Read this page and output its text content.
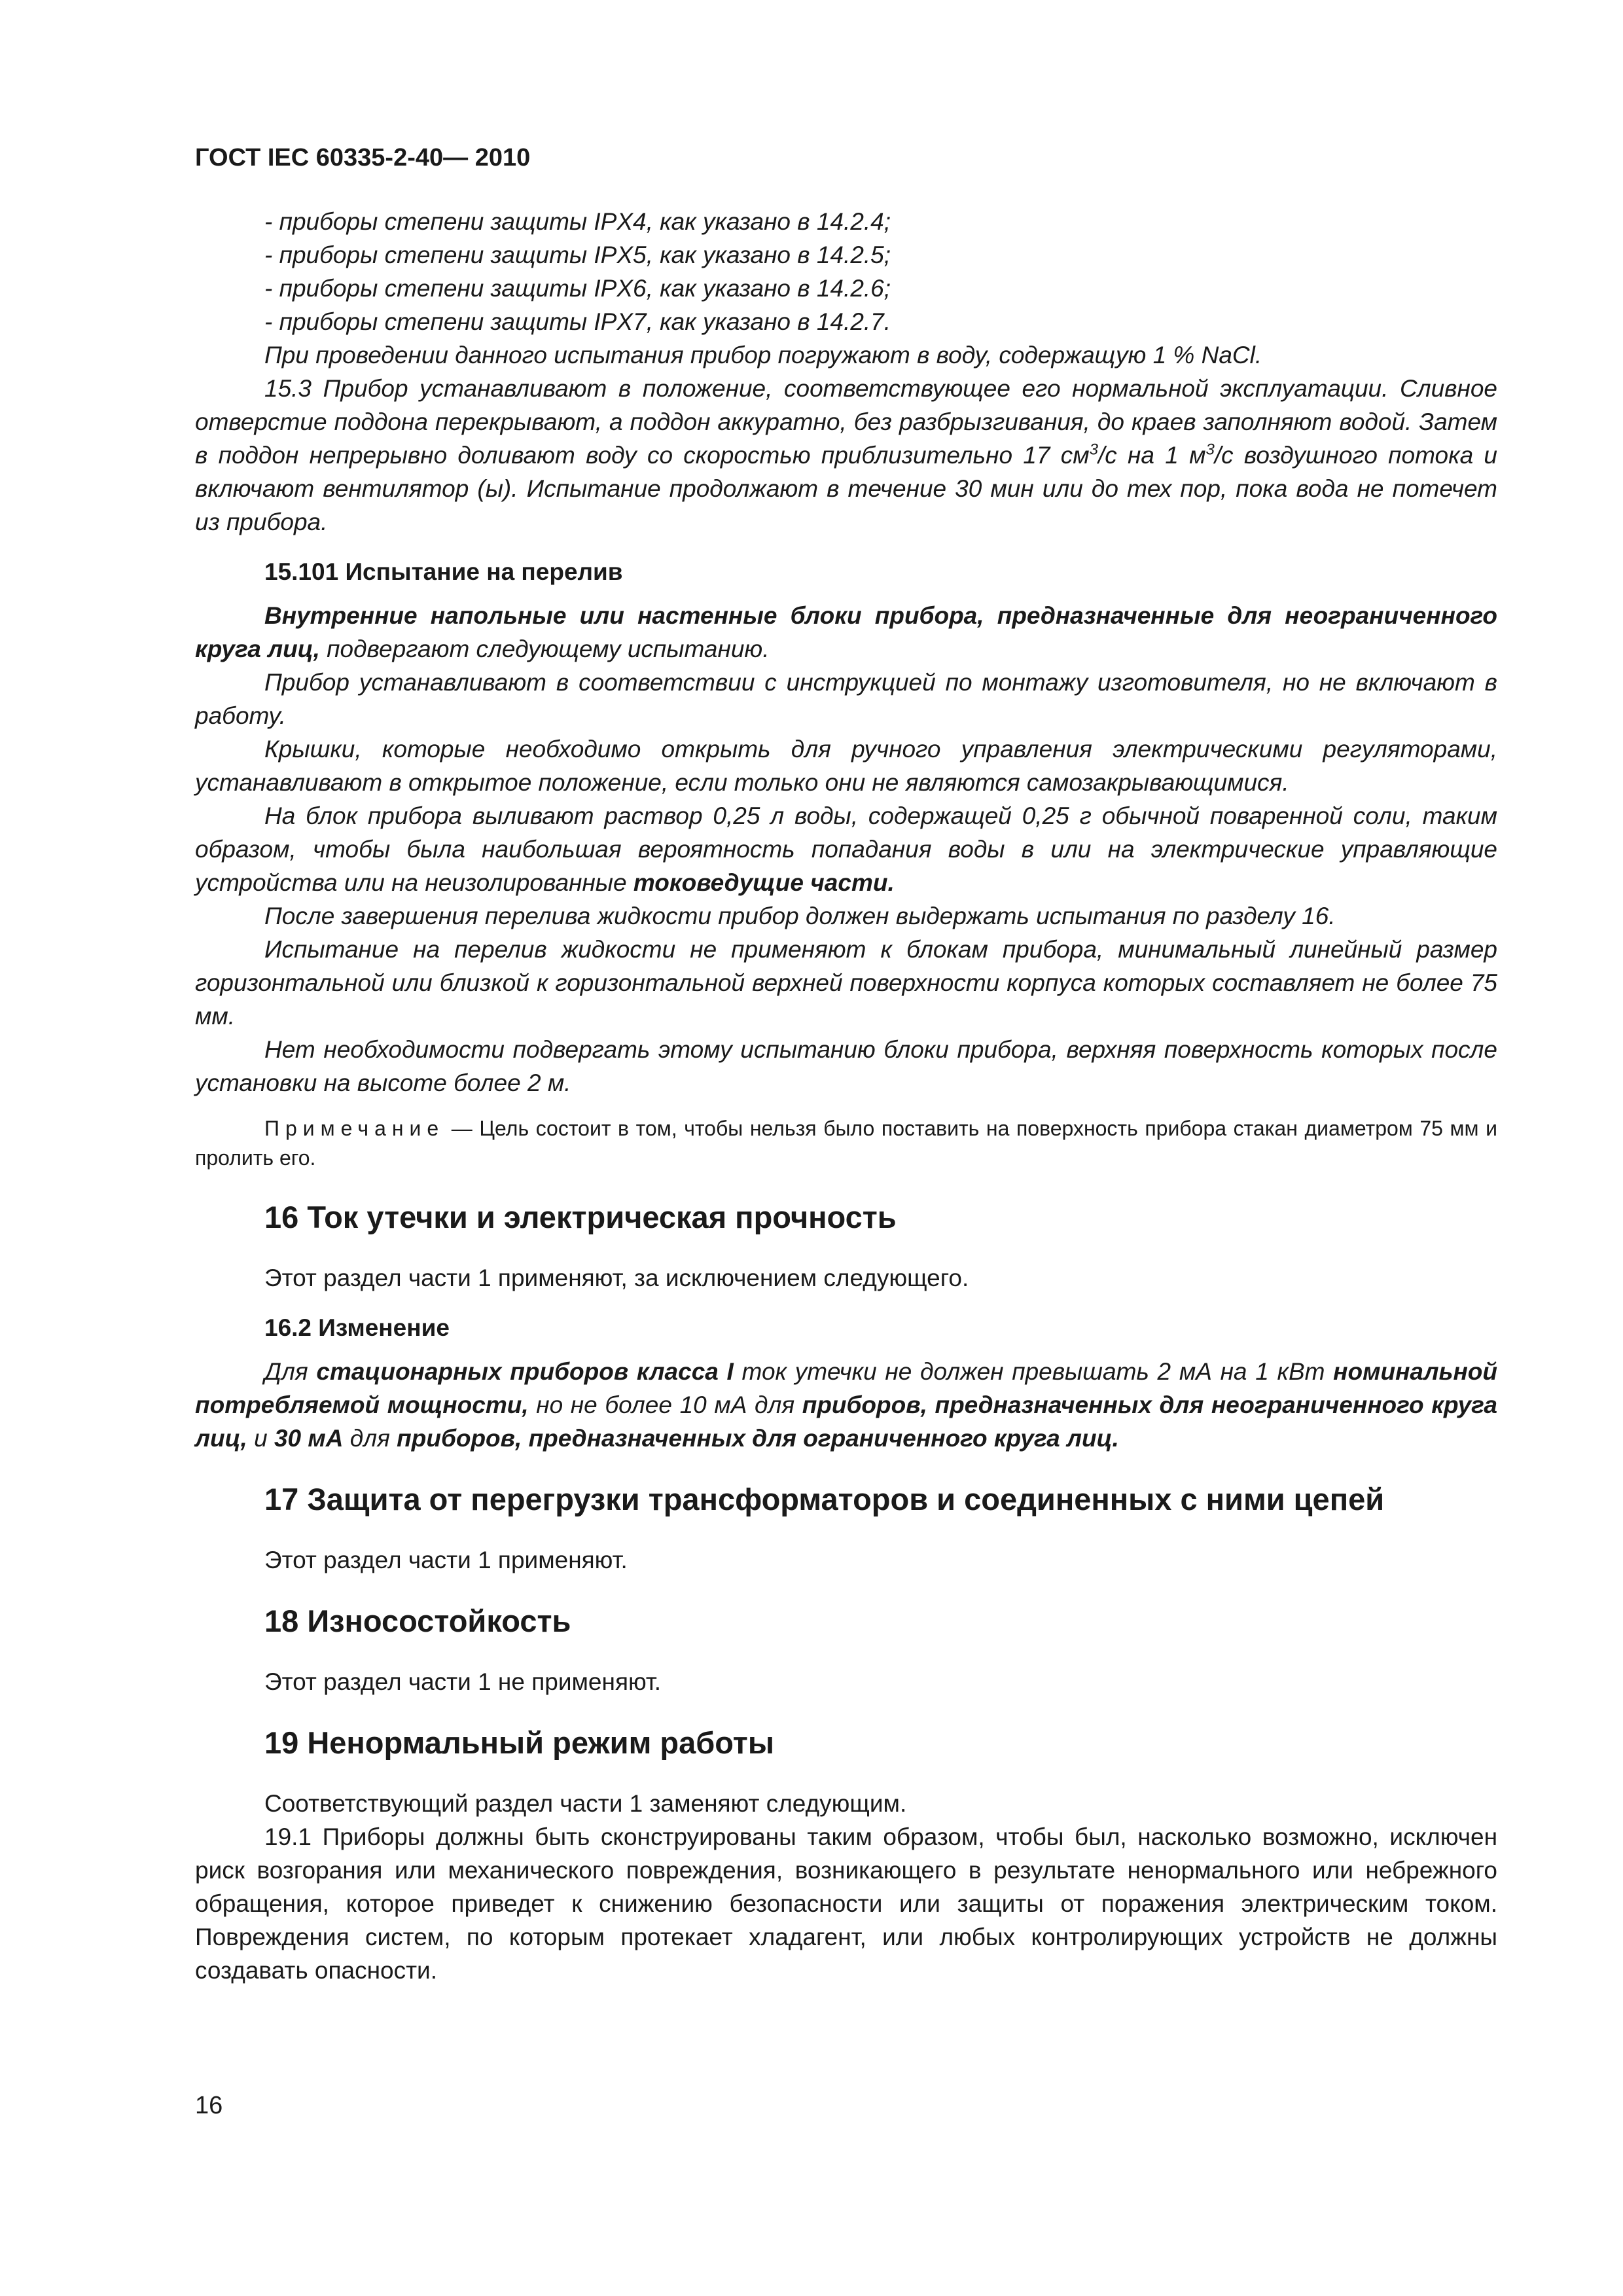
ГОСТ IEC 60335-2-40— 2010

- приборы степени защиты IPX4, как указано в 14.2.4;

- приборы степени защиты IPX5, как указано в 14.2.5;

- приборы степени защиты IPX6, как указано в 14.2.6;

- приборы степени защиты IPX7, как указано в 14.2.7.

При проведении данного испытания прибор погружают в воду, содержащую 1 % NaCl.

15.3 Прибор устанавливают в положение, соответствующее его нормальной эксплуатации. Сливное отверстие поддона перекрывают, а поддон аккуратно, без разбрызгивания, до краев заполняют водой. Затем в поддон непрерывно доливают воду со скоростью приблизительно 17 $см^3/с$ на 1 $м^3/с$ воздушного потока и включают вентилятор (ы). Испытание продолжают в течение 30 мин или до тех пор, пока вода не потечет из прибора.

15.101 Испытание на перелив

Внутренние напольные или настенные блоки прибора, предназначенные для неограниченного круга лиц, подвергают следующему испытанию.

Прибор устанавливают в соответствии с инструкцией по монтажу изготовителя, но не включают в работу.

Крышки, которые необходимо открыть для ручного управления электрическими регуляторами, устанавливают в открытое положение, если только они не являются самозакрывающимися.

На блок прибора выливают раствор 0,25 л воды, содержащей 0,25 г обычной поваренной соли, таким образом, чтобы была наибольшая вероятность попадания воды в или на электрические управляющие устройства или на неизолированные токоведущие части.

После завершения перелива жидкости прибор должен выдержать испытания по разделу 16.

Испытание на перелив жидкости не применяют к блокам прибора, минимальный линейный размер горизонтальной или близкой к горизонтальной верхней поверхности корпуса которых составляет не более 75 мм.

Нет необходимости подвергать этому испытанию блоки прибора, верхняя поверхность которых после установки на высоте более 2 м.

Примечание — Цель состоит в том, чтобы нельзя было поставить на поверхность прибора стакан диаметром 75 мм и пролить его.

16 Ток утечки и электрическая прочность

Этот раздел части 1 применяют, за исключением следующего.

16.2 Изменение

Для стационарных приборов класса I ток утечки не должен превышать 2 мА на 1 кВт номинальной потребляемой мощности, но не более 10 мА для приборов, предназначенных для неограниченного круга лиц, и 30 мА для приборов, предназначенных для ограниченного круга лиц.

17 Защита от перегрузки трансформаторов и соединенных с ними цепей

Этот раздел части 1 применяют.

18 Износостойкость

Этот раздел части 1 не применяют.

19 Ненормальный режим работы

Соответствующий раздел части 1 заменяют следующим.

19.1 Приборы должны быть сконструированы таким образом, чтобы был, насколько возможно, исключен риск возгорания или механического повреждения, возникающего в результате ненормального или небрежного обращения, которое приведет к снижению безопасности или защиты от поражения электрическим током. Повреждения систем, по которым протекает хладагент, или любых контролирующих устройств не должны создавать опасности.

16
